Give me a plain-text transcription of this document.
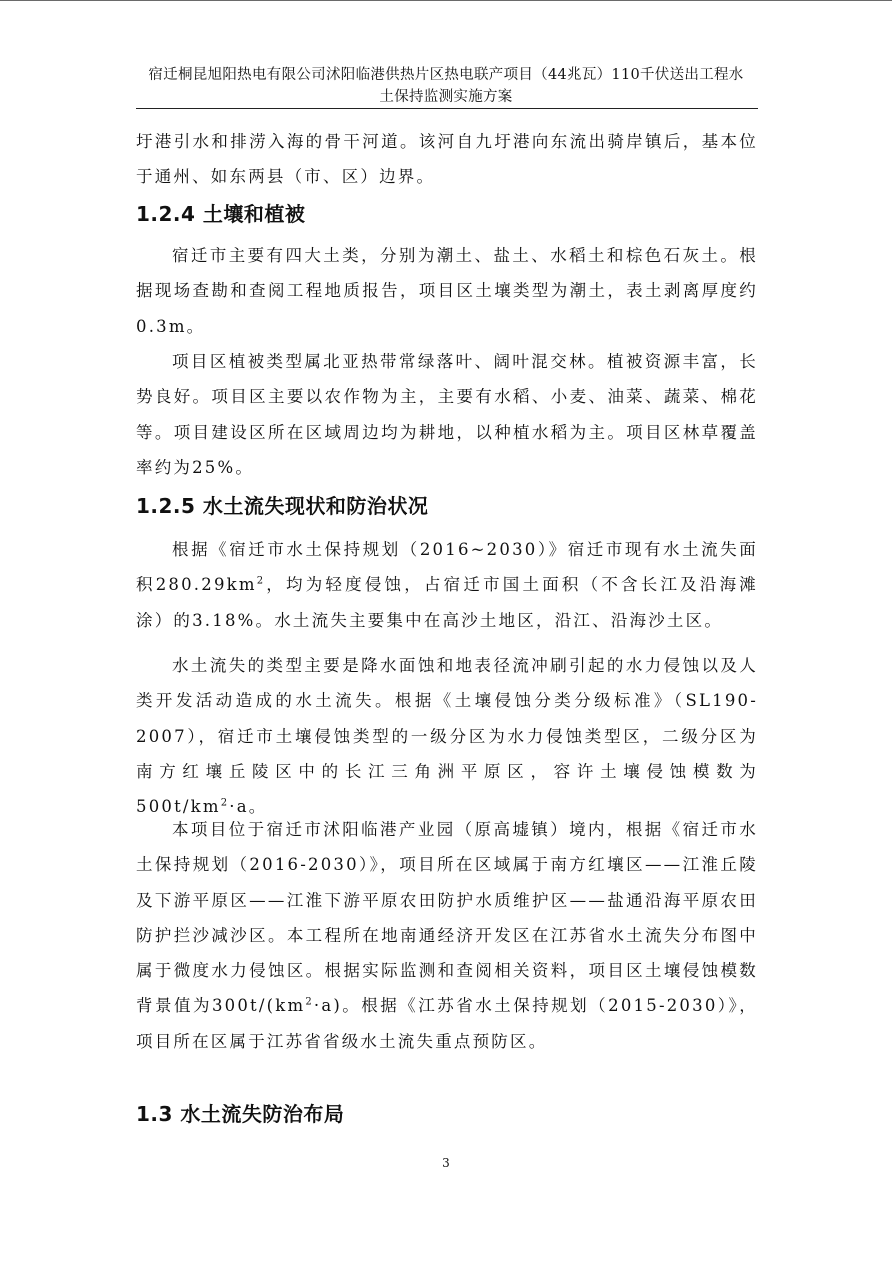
宿迁桐昆旭阳热电有限公司沭阳临港供热片区热电联产项目（44兆瓦）110千伏送出工程水
土保持监测实施方案

圩港引水和排涝入海的骨干河道。该河自九圩港向东流出骑岸镇后，基本位于通州、如东两县（市、区）边界。

1.2.4 土壤和植被

宿迁市主要有四大土类，分别为潮土、盐土、水稻土和棕色石灰土。根据现场查勘和查阅工程地质报告，项目区土壤类型为潮土，表土剥离厚度约0.3m。

项目区植被类型属北亚热带常绿落叶、阔叶混交林。植被资源丰富，长势良好。项目区主要以农作物为主，主要有水稻、小麦、油菜、蔬菜、棉花等。项目建设区所在区域周边均为耕地，以种植水稻为主。项目区林草覆盖率约为25%。

1.2.5 水土流失现状和防治状况

根据《宿迁市水土保持规划（2016~2030）》宿迁市现有水土流失面积$280.29km^2$，均为轻度侵蚀，占宿迁市国土面积（不含长江及沿海滩涂）的3.18%。水土流失主要集中在高沙土地区，沿江、沿海沙土区。

水土流失的类型主要是降水面蚀和地表径流冲刷引起的水力侵蚀以及人类开发活动造成的水土流失。根据《土壤侵蚀分类分级标准》（SL190-2007），宿迁市土壤侵蚀类型的一级分区为水力侵蚀类型区，二级分区为南方红壤丘陵区中的长江三角洲平原区，容许土壤侵蚀模数为$500t/km^2\cdot a$。

本项目位于宿迁市沭阳临港产业园（原高墟镇）境内，根据《宿迁市水土保持规划（2016-2030）》，项目所在区域属于南方红壤区——江淮丘陵及下游平原区——江淮下游平原农田防护水质维护区——盐通沿海平原农田防护拦沙减沙区。本工程所在地南通经济开发区在江苏省水土流失分布图中属于微度水力侵蚀区。根据实际监测和查阅相关资料，项目区土壤侵蚀模数背景值为$300t/(km^2\cdot a)$。根据《江苏省水土保持规划（2015-2030）》，项目所在区属于江苏省省级水土流失重点预防区。

1.3 水土流失防治布局
3
